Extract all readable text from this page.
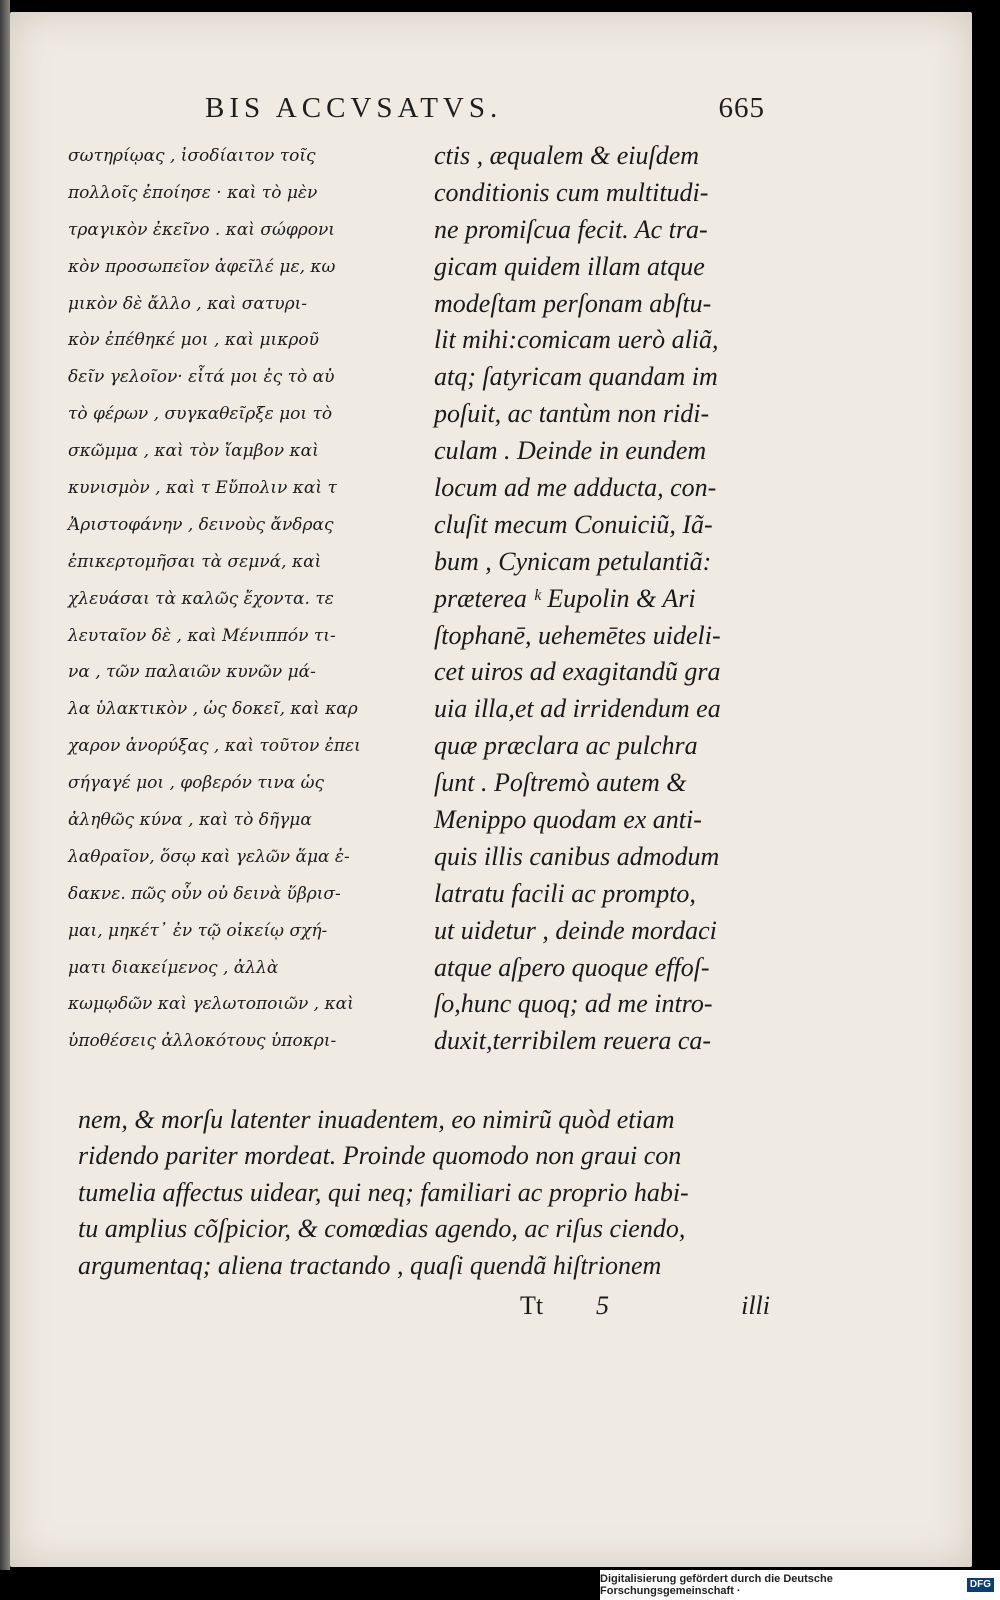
BIS ACCVSATVS.	665
σωτηρίῳας , ἰσοδίαιτον τοῖς
πολλοῖς ἐποίησε · καὶ τὸ μὲν
τραγικὸν ἐκεῖνο . καὶ σώφρονι
κὸν προσωπεῖον ἀφεῖλέ με, κω
μικὸν δὲ ἄλλο , καὶ σατυρι-
κὸν ἐπέθηκέ μοι , καὶ μικροῦ
δεῖν γελοῖον· εἶτά μοι ἐς τὸ αὐ
τὸ φέρων , συγκαθεῖρξε μοι τὸ
σκῶμμα , καὶ τὸν ἴαμβον καὶ
κυνισμὸν , καὶ τ Εὔπολιν καὶ τ
Ἀριστοφάνην , δεινοὺς ἄνδρας
ἐπικερτομῆσαι τὰ σεμνά, καὶ
χλευάσαι τὰ καλῶς ἔχοντα. τε
λευταῖον δὲ , καὶ Μένιππόν τι-
να , τῶν παλαιῶν κυνῶν μά-
λα ὑλακτικὸν , ὡς δοκεῖ, καὶ καρ
χαρον ἀνορύξας , καὶ τοῦτον ἐπει
σήγαγέ μοι , φοβερόν τινα ὡς
ἀληθῶς κύνα , καὶ τὸ δῆγμα
λαθραῖον, ὅσῳ καὶ γελῶν ἅμα ἐ-
δακνε. πῶς οὖν οὐ δεινὰ ὕβρισ-
μαι, μηκέτ᾽ ἐν τῷ οἰκείῳ σχή-
ματι διακείμενος , ἀλλὰ
κωμῳδῶν καὶ γελωτοποιῶν , καὶ
ὑποθέσεις ἀλλοκότους ὑποκρι-
ctis , æqualem & eiuſdem
conditionis cum multitudi-
ne promiſcua fecit. Ac tra-
gicam quidem illam atque
modeſtam perſonam abſtu-
lit mihi:comicam uerò aliã,
atq; ſatyricam quandam im
poſuit, ac tantùm non ridi-
culam . Deinde in eundem
locum ad me adducta, con-
cluſit mecum Conuiciũ, Iã-
bum , Cynicam petulantiã:
præterea ᵏ Eupolin & Ari
ſtophanē, uehemētes uideli-
cet uiros ad exagitandũ gra
uia illa,et ad irridendum ea
quæ præclara ac pulchra
ſunt . Poſtremò autem &
Menippo quodam ex anti-
quis illis canibus admodum
latratu facili ac prompto,
ut uidetur , deinde mordaci
atque aſpero quoque effoſ-
ſo,hunc quoq; ad me intro-
duxit,terribilem reuera ca-
nem, & morſu latenter inuadentem, eo nimirũ quòd etiam
ridendo pariter mordeat. Proinde quomodo non graui con
tumelia affectus uidear, qui neq; familiari ac proprio habi-
tu amplius cõſpicior, & comœdias agendo, ac riſus ciendo,
argumentaq; aliena tractando , quaſi quendã hiſtrionem
Tt 5	illi
Digitalisierung gefördert durch die Deutsche Forschungsgemeinschaft ·
DFG
